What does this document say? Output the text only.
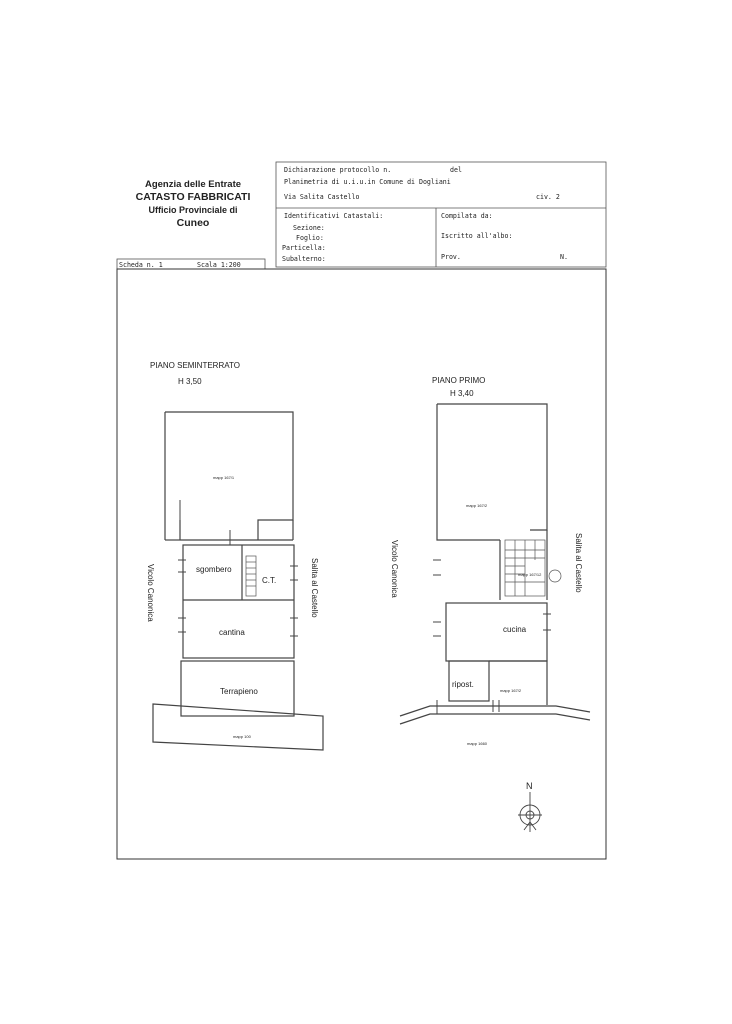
Agenzia delle Entrate
CATASTO FABBRICATI
Ufficio Provinciale di
Cuneo
Dichiarazione protocollo n.	del
Planimetria di u.i.u.in Comune di Dogliani
Via Salita Castello	civ. 2
Identificativi Catastali:
Sezione:
Foglio:
Particella:
Subalterno:
Compilata da:
Iscritto all'albo:
Prov.	N.
Scheda n. 1	Scala 1:200
PIANO SEMINTERRATO
H 3,50
mapp 167/1
sgombero
C.T.
cantina
Terrapieno
mapp 100
Vicolo Canonica	Salita al Castello
PIANO PRIMO
H 3,40
mapp 167/2
mapp 167/12
cucina
ripost.
mapp 167/2
mapp 1660
Vicolo Canonica	Salita al Castello
N
